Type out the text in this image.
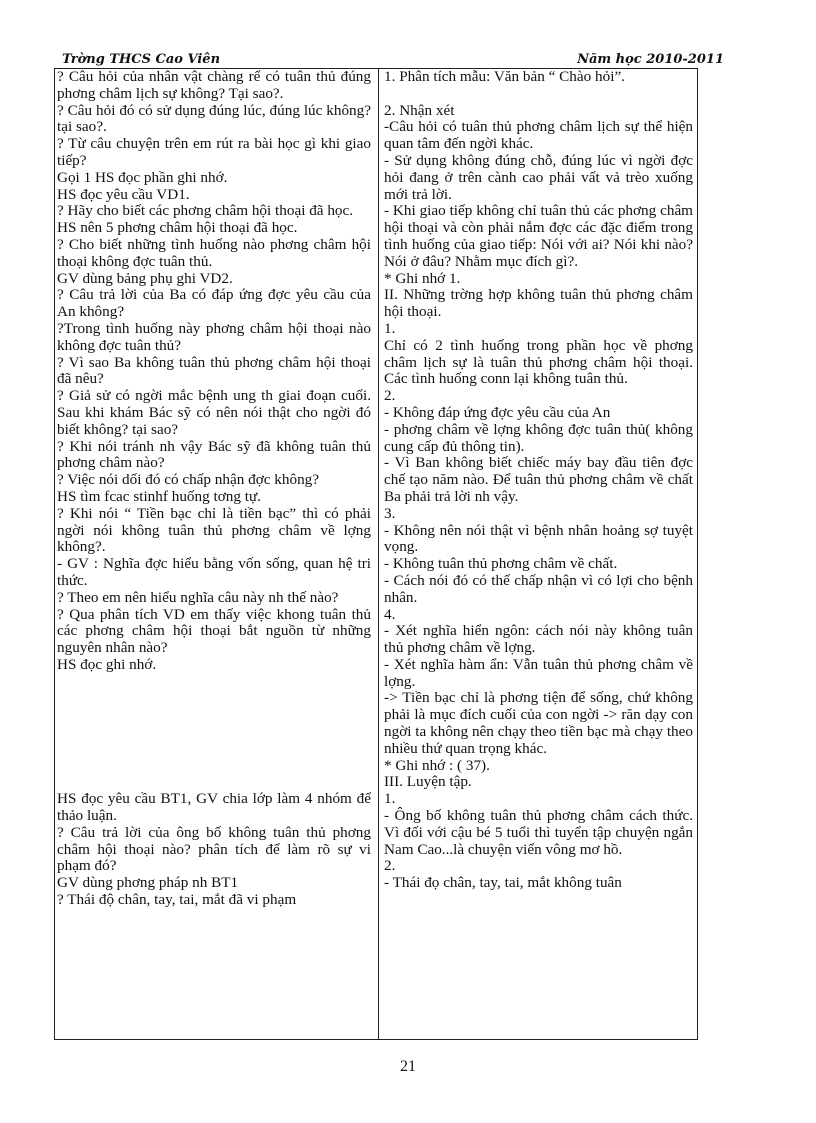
Trờng THCS Cao Viên	Năm học 2010-2011
? Câu hỏi của nhân vật chàng rể có tuân thủ đúng phơng châm lịch sự không? Tại sao?.
? Câu hỏi đó có sử dụng đúng lúc, đúng lúc không? tại sao?.
? Từ câu chuyện trên em rút ra bài học gì khi giao tiếp?
Gọi 1 HS đọc phần ghi nhớ.
HS đọc yêu cầu VD1.
? Hãy cho biết các phơng châm hội thoại đã học.
HS nên 5 phơng châm hội thoại đã học.
? Cho biết những tình huống nào phơng châm hội thoại không đợc tuân thủ.
GV dùng bảng phụ ghi VD2.
? Câu trả lời của Ba có đáp ứng đợc yêu cầu của An không?
?Trong tình huống này phơng châm hội thoại nào không đợc tuân thủ?
? Vì sao Ba không tuân thủ phơng châm hội thoại đã nêu?
? Giả sử có ngời mắc bệnh ung th giai đoạn cuối. Sau khi khám Bác sỹ có nên nói thật cho ngời đó biết không? tại sao?
? Khi nói tránh nh vậy Bác sỹ đã không tuân thủ phơng châm nào?
? Việc nói dối đó có chấp nhận đợc không?
HS tìm fcac stinhf huống tơng tự.
? Khi nói “ Tiền bạc chỉ là tiền bạc” thì có phải ngời nói không tuân thủ phơng châm về lợng không?.
- GV : Nghĩa đợc hiểu bằng vốn sống, quan hệ tri thức.
? Theo em nên hiểu nghĩa câu này nh thế nào?
? Qua phân tích VD em thấy việc khong tuân thủ các phơng châm hội thoại bắt nguồn từ những nguyên nhân nào?
HS đọc ghi nhớ.
HS đọc yêu cầu BT1, GV chia lớp làm 4 nhóm để thảo luận.
? Câu trả lời của ông bố không tuân thủ phơng châm hội thoại nào? phân tích để làm rõ sự vi phạm đó?
GV dùng phơng pháp nh BT1
? Thái độ chân, tay, tai, mắt đã vi phạm
1. Phân tích mẫu: Văn bản “ Chào hỏi”.
2. Nhận xét
-Câu hỏi có tuân thủ phơng châm lịch sự thể hiện quan tâm đến ngời khác.
- Sử dụng không đúng chỗ, đúng lúc vì ngời đợc hỏi đang ở trên cành cao phải vất vả trèo xuống mới trả lời.
- Khi giao tiếp không chỉ tuân thủ các phơng châm hội thoại và còn phải nắm đợc các đặc điểm trong tình huống của giao tiếp: Nói với ai? Nói khi nào? Nói ở đâu? Nhằm mục đích gì?.
* Ghi nhớ 1.
II. Những trờng hợp không tuân thủ phơng châm hội thoại.
1.
Chỉ có 2 tình huống trong phần học về phơng châm lịch sự là tuân thủ phơng châm hội thoại. Các tình huống conn lại không tuân thủ.
2.
- Không đáp ứng đợc yêu cầu của An
- phơng châm về lợng không đợc tuân thủ( không cung cấp đủ thông tin).
- Vì Ban không biết chiếc máy bay đầu tiên đợc chế tạo năm nào. Để tuân thủ phơng châm về chất Ba phải trả lời nh vậy.
3.
- Không nên nói thật vì bệnh nhân hoảng sợ tuyệt vọng.
- Không tuân thủ phơng châm về chất.
- Cách nói đó có thể chấp nhận vì có lợi cho bệnh nhân.
4.
- Xét nghĩa hiển ngôn: cách nói này không tuân thủ phơng châm về lợng.
- Xét nghĩa hàm ẩn: Vẫn tuân thủ phơng châm về lợng.
-> Tiền bạc chỉ là phơng tiện để sống, chứ không phải là mục đích cuối của con ngời -> răn dạy con ngời ta không nên chạy theo tiền bạc mà chạy theo nhiều thứ quan trọng khác.
* Ghi nhớ : ( 37).
III. Luyện tập.
1.
- Ông bố không tuân thủ phơng châm cách thức. Vì đối với cậu bé 5 tuổi thì tuyển tập chuyện ngắn Nam Cao...là chuyện viển vông mơ hồ.
2.
- Thái đọ chân, tay, tai, mắt không tuân
21
